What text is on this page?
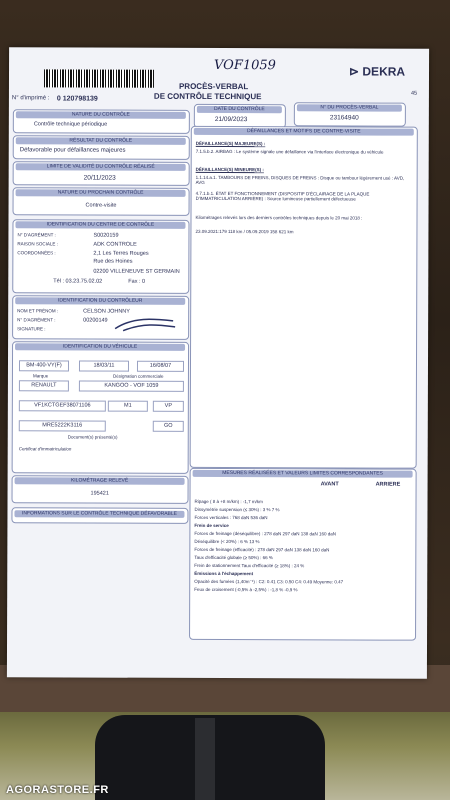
VOF1059
PROCÈS-VERBAL
DE CONTRÔLE TECHNIQUE
⊳ DEKRA
45
N° d'imprimé : 0 120798139
NATURE DU CONTRÔLE
Contrôle technique périodique
DATE DU CONTRÔLE
21/09/2023
N° DU PROCÈS-VERBAL
23164940
RÉSULTAT DU CONTRÔLE
Défavorable pour défaillances majeures
LIMITE DE VALIDITÉ DU CONTRÔLE RÉALISÉ
20/11/2023
NATURE DU PROCHAIN CONTRÔLE
Contre-visite
IDENTIFICATION DU CENTRE DE CONTRÔLE
N° D'AGRÉMENT :	S0020159
RAISON SOCIALE :	ADK CONTROLE
COORDONNÉES :	2,1 Les Terres Rouges
Rue des Hoines
02200 VILLENEUVE ST GERMAIN
Tél : 03.23.75.02.02	Fax : 0
IDENTIFICATION DU CONTRÔLEUR
NOM ET PRÉNOM :	CELSON JOHNNY
N° D'AGRÉMENT :	00200149
SIGNATURE :
IDENTIFICATION DU VÉHICULE
BM-400-VY(F)	18/03/11	16/08/07
Marque	Désignation commerciale
RENAULT	KANGOO - VOF 1059
VF1KCTGEF38071106	M1	VP
MRE5222K3116	GO
Document(s) présenté(s)
Certificat d'immatriculation
KILOMÉTRAGE RELEVÉ
195421
INFORMATIONS SUR LE CONTRÔLE TECHNIQUE DÉFAVORABLE
DÉFAILLANCES ET MOTIFS DE CONTRE-VISITE
DÉFAILLANCE(S) MAJEURE(S) :
7.1.5.b.2. AIRBAG : Le système signale une défaillance via l'interface électronique du véhicule
DÉFAILLANCE(S) MINEURE(S) :
1.1.14.a.1. TAMBOURS DE FREINS, DISQUES DE FREINS : Disque ou tambour légèrement usé : AVD, AVG
4.7.1.b.1. ÉTAT ET FONCTIONNEMENT (DISPOSITIF D'ÉCLAIRAGE DE LA PLAQUE D'IMMATRICULATION ARRIÈRE) : Source lumineuse partiellement défectueuse
Kilométrages relevés lors des derniers contrôles techniques depuis le 20 mai 2018 :
23.09.2021:179 118 km / 05.09.2019 158 621 km
MESURES RÉALISÉES ET VALEURS LIMITES CORRESPONDANTES
AVANT	ARRIERE
Ripage ( 8 à +8 m/km) : -1,7 m/km
Dissymétrie suspension (≤ 30%) : 3 % 7 %
Forces verticales : 768 daN 536 daN
Frein de service
Forces de freinage (déséquilibre) : 278 daN 297 daN 138 daN 160 daN
Déséquilibre (< 20%) : 6 % 13 %
Forces de freinage (efficacité) : 278 daN 297 daN 138 daN 160 daN
Taux d'efficacité globale (≥ 50%) : 66 %
Frein de stationnement Taux d'efficacité (≥ 18%) : 24 %
Émissions à l'échappement
Opacité des fumées (1,40m⁻¹) : C2: 0.41 C3: 0.50 C4: 0.49 Moyenne: 0.47
Feux de croisement (-0,5% à -2,5%) : -1,8 % -0,9 %
AGORASTORE.FR
